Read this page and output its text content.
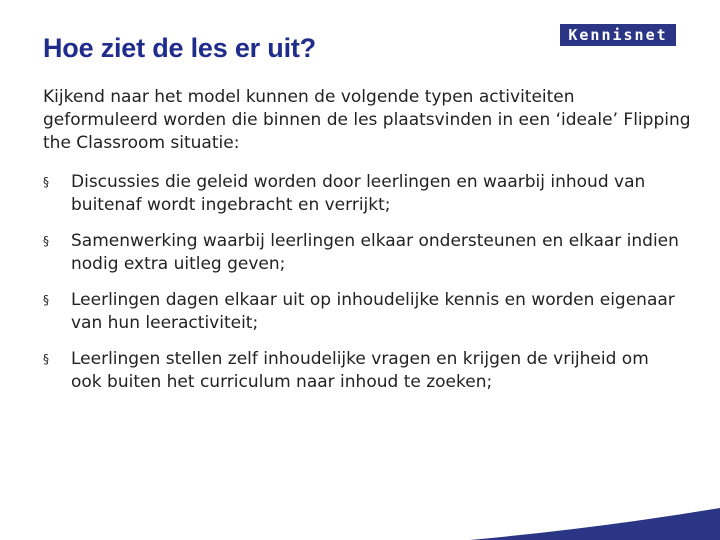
Hoe ziet de les er uit?	Kennisnet

Kijkend naar het model kunnen de volgende typen activiteiten geformuleerd worden die binnen de les plaatsvinden in een ‘ideale’ Flipping the Classroom situatie:

§ Discussies die geleid worden door leerlingen en waarbij inhoud van buitenaf wordt ingebracht en verrijkt;
§ Samenwerking waarbij leerlingen elkaar ondersteunen en elkaar indien nodig extra uitleg geven;
§ Leerlingen dagen elkaar uit op inhoudelijke kennis en worden eigenaar van hun leeractiviteit;
§ Leerlingen stellen zelf inhoudelijke vragen en krijgen de vrijheid om ook buiten het curriculum naar inhoud te zoeken;
